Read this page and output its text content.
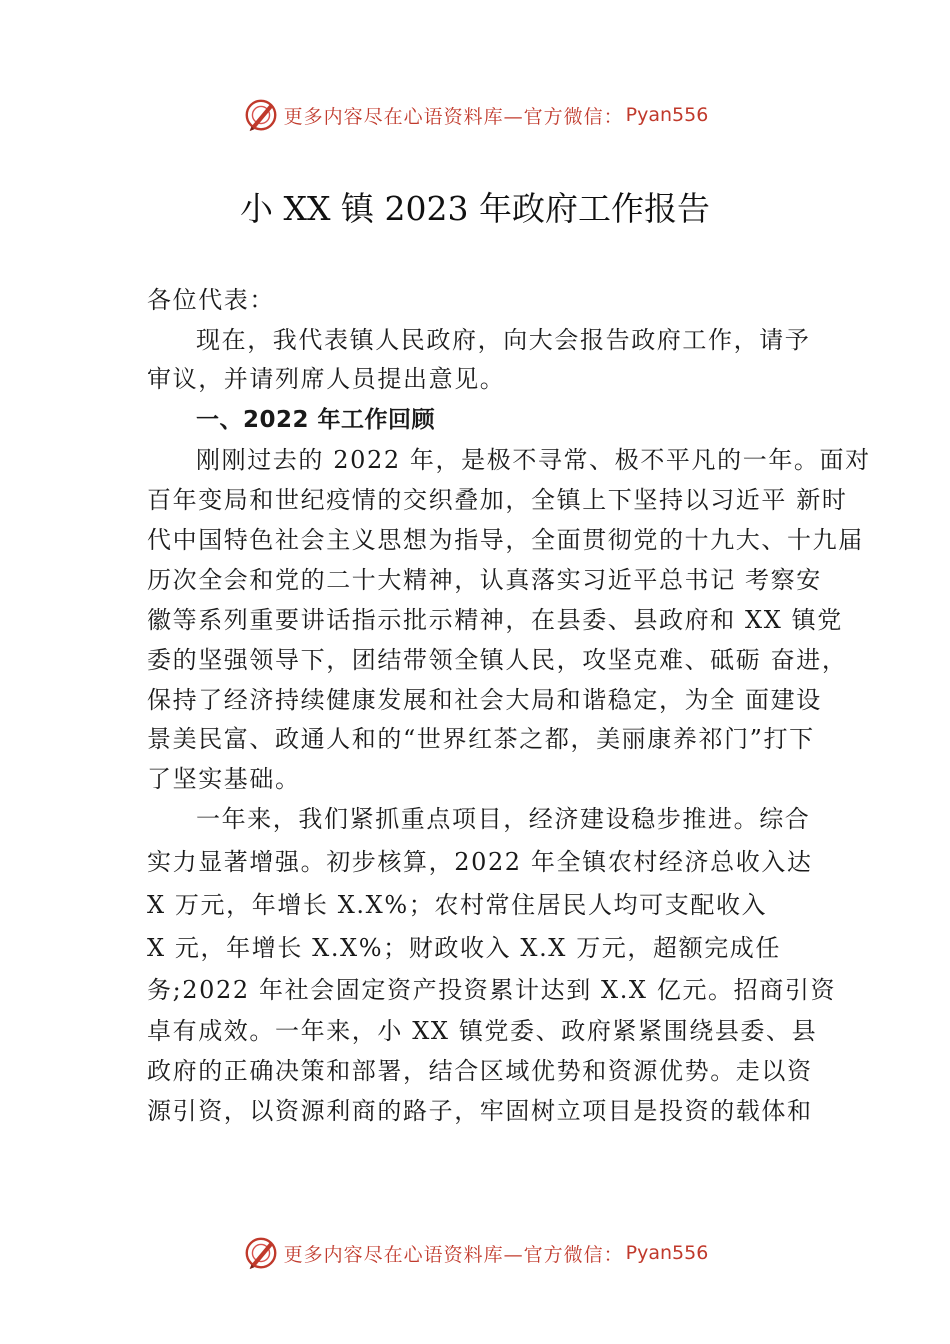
更多内容尽在心语资料库—官方微信： Pyan556
小 XX 镇 2023 年政府工作报告
各位代表：
现在，我代表镇人民政府，向大会报告政府工作，请予
审议，并请列席人员提出意见。
一、2022 年工作回顾
刚刚过去的 2022 年，是极不寻常、极不平凡的一年。面对
百年变局和世纪疫情的交织叠加，全镇上下坚持以习近平 新时
代中国特色社会主义思想为指导，全面贯彻党的十九大、十九届
历次全会和党的二十大精神，认真落实习近平总书记 考察安
徽等系列重要讲话指示批示精神，在县委、县政府和 XX 镇党
委的坚强领导下，团结带领全镇人民，攻坚克难、砥砺 奋进，
保持了经济持续健康发展和社会大局和谐稳定，为全 面建设
景美民富、政通人和的“世界红茶之都，美丽康养祁门”打下
了坚实基础。
一年来，我们紧抓重点项目，经济建设稳步推进。综合
实力显著增强。初步核算，2022 年全镇农村经济总收入达
X 万元，年增长 X.X%；农村常住居民人均可支配收入
X 元，年增长 X.X%；财政收入 X.X 万元，超额完成任
务;2022 年社会固定资产投资累计达到 X.X 亿元。招商引资
卓有成效。一年来，小 XX 镇党委、政府紧紧围绕县委、县
政府的正确决策和部署，结合区域优势和资源优势。走以资
源引资，以资源利商的路子，牢固树立项目是投资的载体和
更多内容尽在心语资料库—官方微信： Pyan556
